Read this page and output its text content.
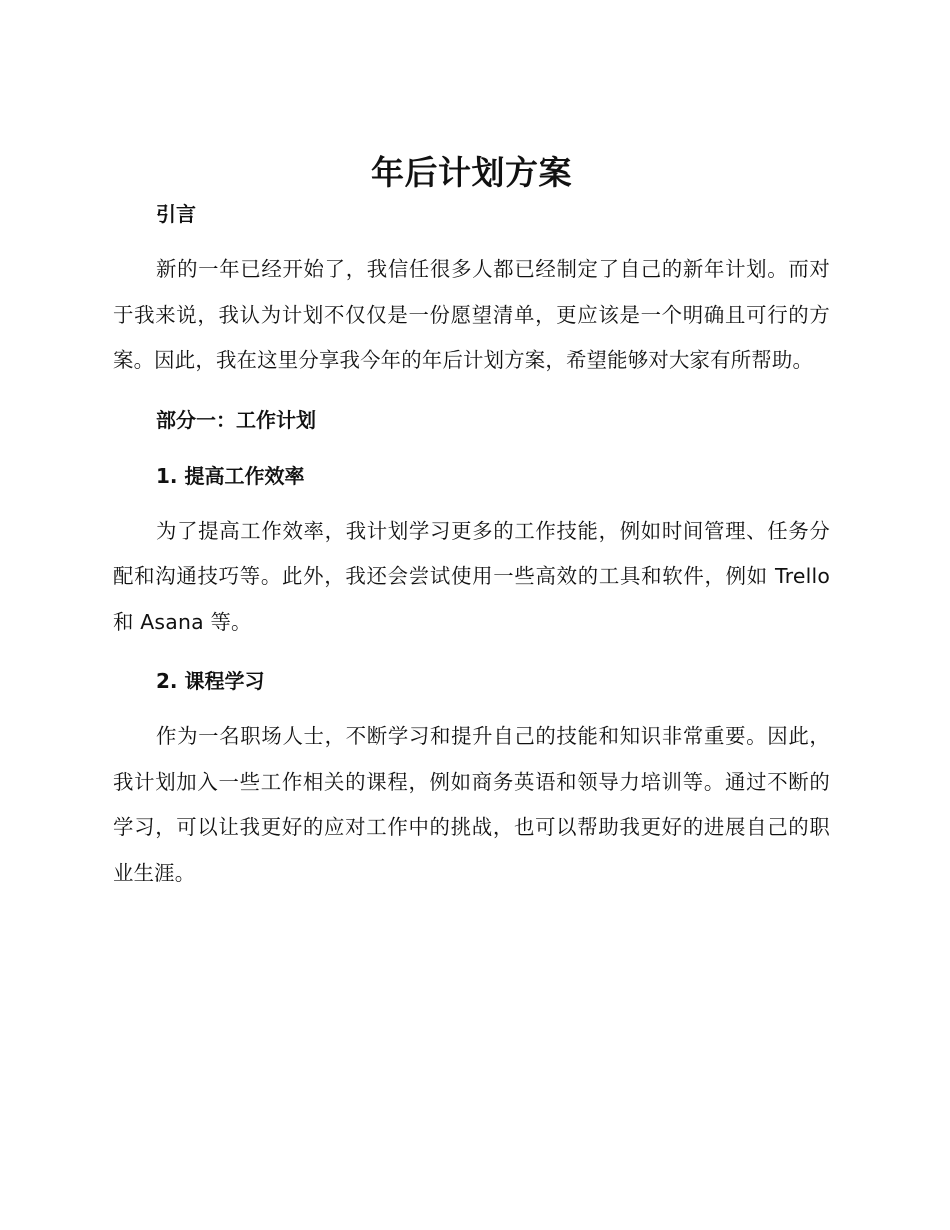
年后计划方案

引言

新的一年已经开始了，我信任很多人都已经制定了自己的新年计划。而对于我来说，我认为计划不仅仅是一份愿望清单，更应该是一个明确且可行的方案。因此，我在这里分享我今年的年后计划方案，希望能够对大家有所帮助。

部分一：工作计划

1. 提高工作效率

为了提高工作效率，我计划学习更多的工作技能，例如时间管理、任务分配和沟通技巧等。此外，我还会尝试使用一些高效的工具和软件，例如 Trello 和 Asana 等。

2. 课程学习

作为一名职场人士，不断学习和提升自己的技能和知识非常重要。因此，我计划加入一些工作相关的课程，例如商务英语和领导力培训等。通过不断的学习，可以让我更好的应对工作中的挑战，也可以帮助我更好的进展自己的职业生涯。
